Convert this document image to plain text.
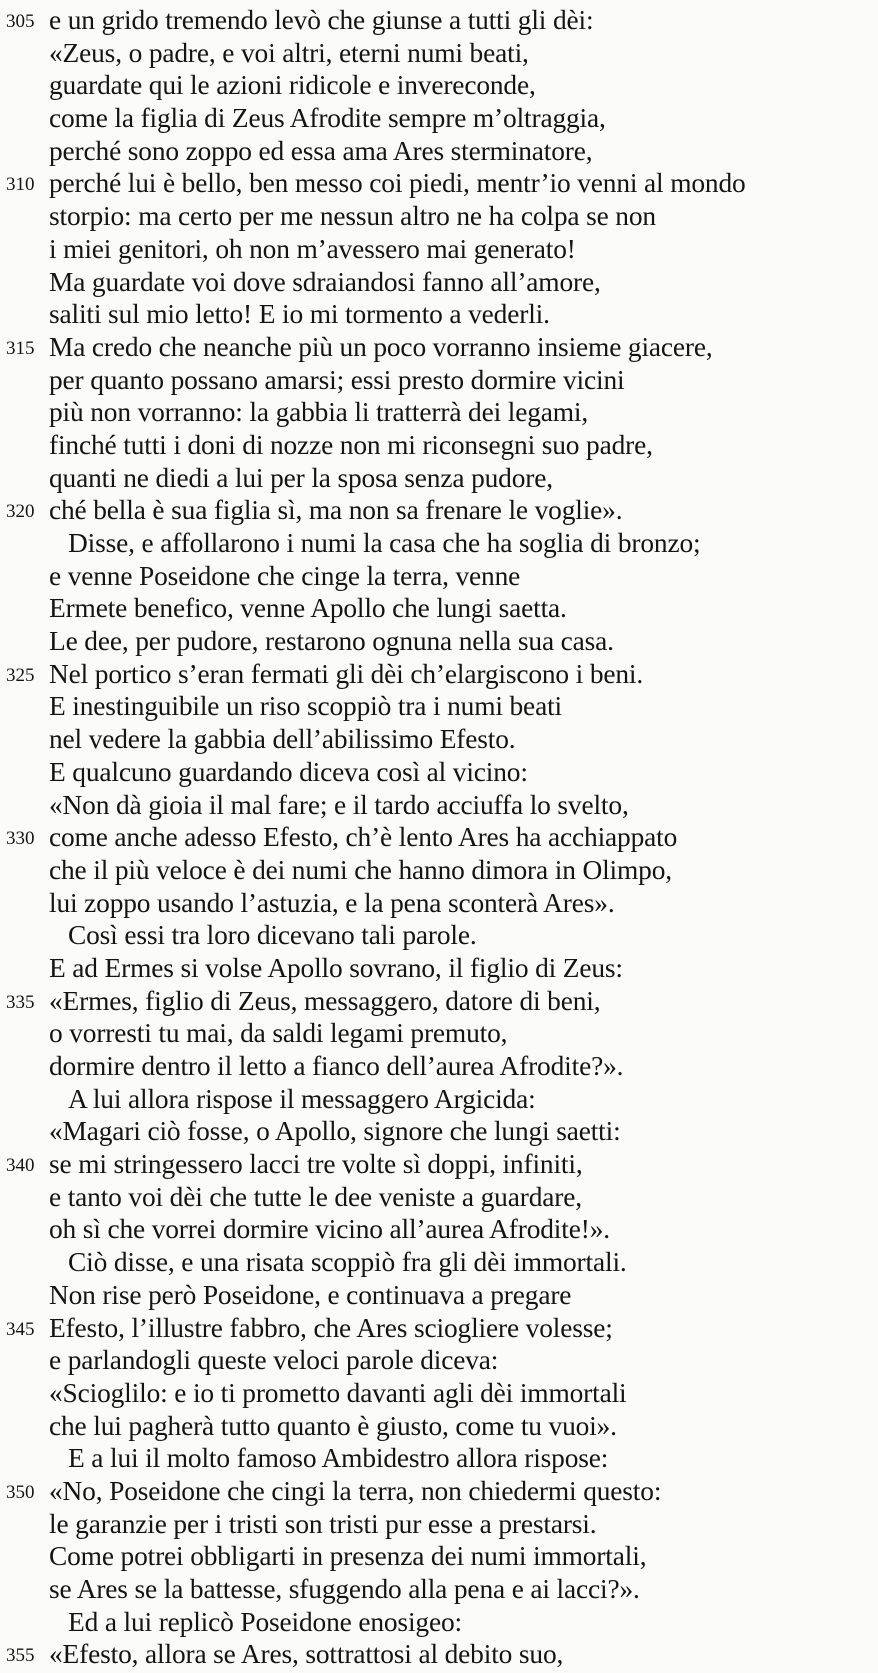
305 e un grido tremendo levò che giunse a tutti gli dèi:
«Zeus, o padre, e voi altri, eterni numi beati,
guardate qui le azioni ridicole e invereconde,
come la figlia di Zeus Afrodite sempre m’oltraggia,
perché sono zoppo ed essa ama Ares sterminatore,
310 perché lui è bello, ben messo coi piedi, mentr’io venni al mondo
storpio: ma certo per me nessun altro ne ha colpa se non
i miei genitori, oh non m’avessero mai generato!
Ma guardate voi dove sdraiandosi fanno all’amore,
saliti sul mio letto! E io mi tormento a vederli.
315 Ma credo che neanche più un poco vorranno insieme giacere,
per quanto possano amarsi; essi presto dormire vicini
più non vorranno: la gabbia li tratterrà dei legami,
finché tutti i doni di nozze non mi riconsegni suo padre,
quanti ne diedi a lui per la sposa senza pudore,
320 ché bella è sua figlia sì, ma non sa frenare le voglie».
Disse, e affollarono i numi la casa che ha soglia di bronzo;
e venne Poseidone che cinge la terra, venne
Ermete benefico, venne Apollo che lungi saetta.
Le dee, per pudore, restarono ognuna nella sua casa.
325 Nel portico s’eran fermati gli dèi ch’elargiscono i beni.
E inestinguibile un riso scoppiò tra i numi beati
nel vedere la gabbia dell’abilissimo Efesto.
E qualcuno guardando diceva così al vicino:
«Non dà gioia il mal fare; e il tardo acciuffa lo svelto,
330 come anche adesso Efesto, ch’è lento Ares ha acchiappato
che il più veloce è dei numi che hanno dimora in Olimpo,
lui zoppo usando l’astuzia, e la pena sconterà Ares».
Così essi tra loro dicevano tali parole.
E ad Ermes si volse Apollo sovrano, il figlio di Zeus:
335 «Ermes, figlio di Zeus, messaggero, datore di beni,
o vorresti tu mai, da saldi legami premuto,
dormire dentro il letto a fianco dell’aurea Afrodite?».
A lui allora rispose il messaggero Argicida:
«Magari ciò fosse, o Apollo, signore che lungi saetti:
340 se mi stringessero lacci tre volte sì doppi, infiniti,
e tanto voi dèi che tutte le dee veniste a guardare,
oh sì che vorrei dormire vicino all’aurea Afrodite!».
Ciò disse, e una risata scoppiò fra gli dèi immortali.
Non rise però Poseidone, e continuava a pregare
345 Efesto, l’illustre fabbro, che Ares sciogliere volesse;
e parlandogli queste veloci parole diceva:
«Scioglilo: e io ti prometto davanti agli dèi immortali
che lui pagherà tutto quanto è giusto, come tu vuoi».
E a lui il molto famoso Ambidestro allora rispose:
350 «No, Poseidone che cingi la terra, non chiedermi questo:
le garanzie per i tristi son tristi pur esse a prestarsi.
Come potrei obbligarti in presenza dei numi immortali,
se Ares se la battesse, sfuggendo alla pena e ai lacci?».
Ed a lui replicò Poseidone enosigeo:
355 «Efesto, allora se Ares, sottrattosi al debito suo,
